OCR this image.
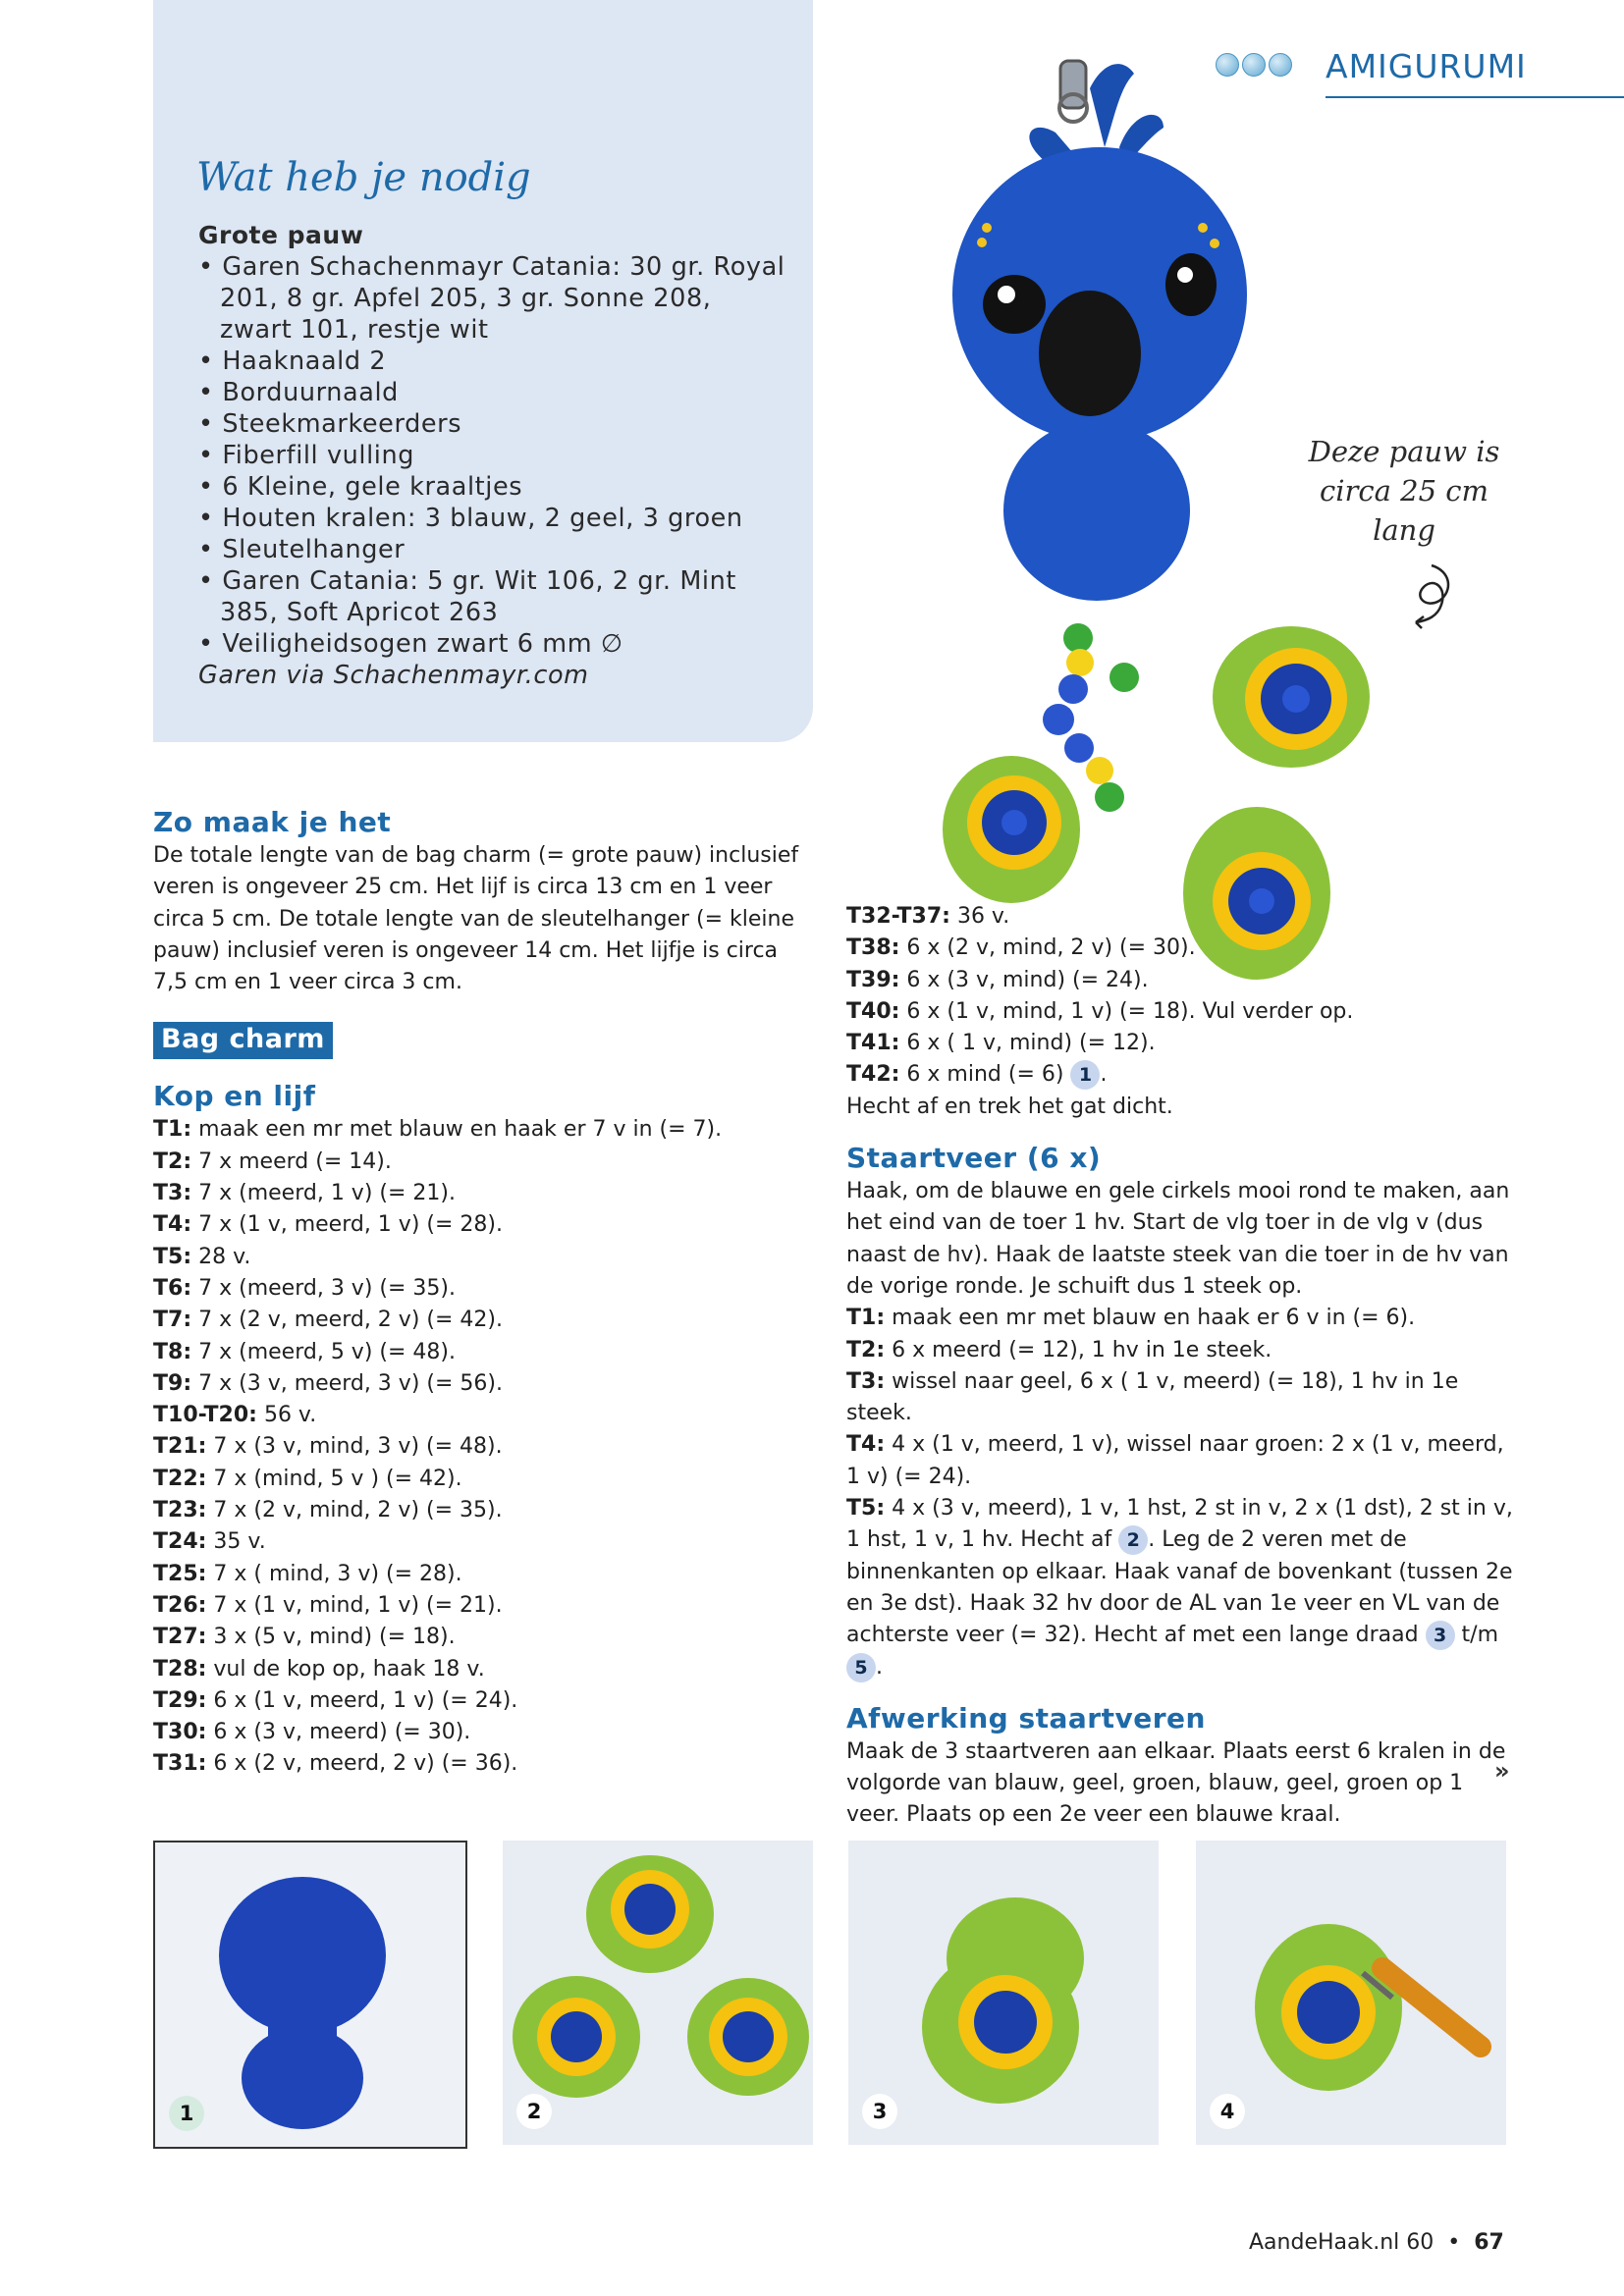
AMIGURUMI
Wat heb je nodig
Grote pauw
• Garen Schachenmayr Catania: 30 gr. Royal 201, 8 gr. Apfel 205, 3 gr. Sonne 208, zwart 101, restje wit
• Haaknaald 2
• Borduurnaald
• Steekmarkeerders
• Fiberfill vulling
• 6 Kleine, gele kraaltjes
• Houten kralen: 3 blauw, 2 geel, 3 groen
• Sleutelhanger
• Garen Catania: 5 gr. Wit 106, 2 gr. Mint 385, Soft Apricot 263
• Veiligheidsogen zwart 6 mm ∅
Garen via Schachenmayr.com
Deze pauw is circa 25 cm lang
Zo maak je het
De totale lengte van de bag charm (= grote pauw) inclusief veren is ongeveer 25 cm. Het lijf is circa 13 cm en 1 veer circa 5 cm. De totale lengte van de sleutelhanger (= kleine pauw) inclusief veren is ongeveer 14 cm. Het lijfje is circa 7,5 cm en 1 veer circa 3 cm.
Bag charm
Kop en lijf
T1: maak een mr met blauw en haak er 7 v in (= 7).
T2: 7 x meerd (= 14).
T3: 7 x (meerd, 1 v) (= 21).
T4: 7 x (1 v, meerd, 1 v) (= 28).
T5: 28 v.
T6: 7 x (meerd, 3 v) (= 35).
T7: 7 x (2 v, meerd, 2 v) (= 42).
T8: 7 x (meerd, 5 v) (= 48).
T9: 7 x (3 v, meerd, 3 v) (= 56).
T10-T20: 56 v.
T21: 7 x (3 v, mind, 3 v) (= 48).
T22: 7 x (mind, 5 v ) (= 42).
T23: 7 x (2 v, mind, 2 v) (= 35).
T24: 35 v.
T25: 7 x ( mind, 3 v) (= 28).
T26: 7 x (1 v, mind, 1 v) (= 21).
T27: 3 x (5 v, mind) (= 18).
T28: vul de kop op, haak 18 v.
T29: 6 x (1 v, meerd, 1 v) (= 24).
T30: 6 x (3 v, meerd) (= 30).
T31: 6 x (2 v, meerd, 2 v) (= 36).
T32-T37: 36 v.
T38: 6 x (2 v, mind, 2 v) (= 30).
T39: 6 x (3 v, mind) (= 24).
T40: 6 x (1 v, mind, 1 v) (= 18). Vul verder op.
T41: 6 x ( 1 v, mind) (= 12).
T42: 6 x mind (= 6) 1 .
Hecht af en trek het gat dicht.
Staartveer (6 x)
Haak, om de blauwe en gele cirkels mooi rond te maken, aan het eind van de toer 1 hv. Start de vlg toer in de vlg v (dus naast de hv). Haak de laatste steek van die toer in de hv van de vorige ronde. Je schuift dus 1 steek op.
T1: maak een mr met blauw en haak er 6 v in (= 6).
T2: 6 x meerd (= 12), 1 hv in 1e steek.
T3: wissel naar geel, 6 x ( 1 v, meerd) (= 18), 1 hv in 1e steek.
T4: 4 x (1 v, meerd, 1 v), wissel naar groen: 2 x (1 v, meerd, 1 v) (= 24).
T5: 4 x (3 v, meerd), 1 v, 1 hst, 2 st in v, 2 x (1 dst), 2 st in v, 1 hst, 1 v, 1 hv. Hecht af 2 . Leg de 2 veren met de binnenkanten op elkaar. Haak vanaf de bovenkant (tussen 2e en 3e dst). Haak 32 hv door de AL van 1e veer en VL van de achterste veer (= 32). Hecht af met een lange draad 3 t/m 5 .
Afwerking staartveren
Maak de 3 staartveren aan elkaar. Plaats eerst 6 kralen in de volgorde van blauw, geel, groen, blauw, geel, groen op 1 veer. Plaats op een 2e veer een blauwe kraal.
»
1	2	3	4
AandeHaak.nl 60 • 67
